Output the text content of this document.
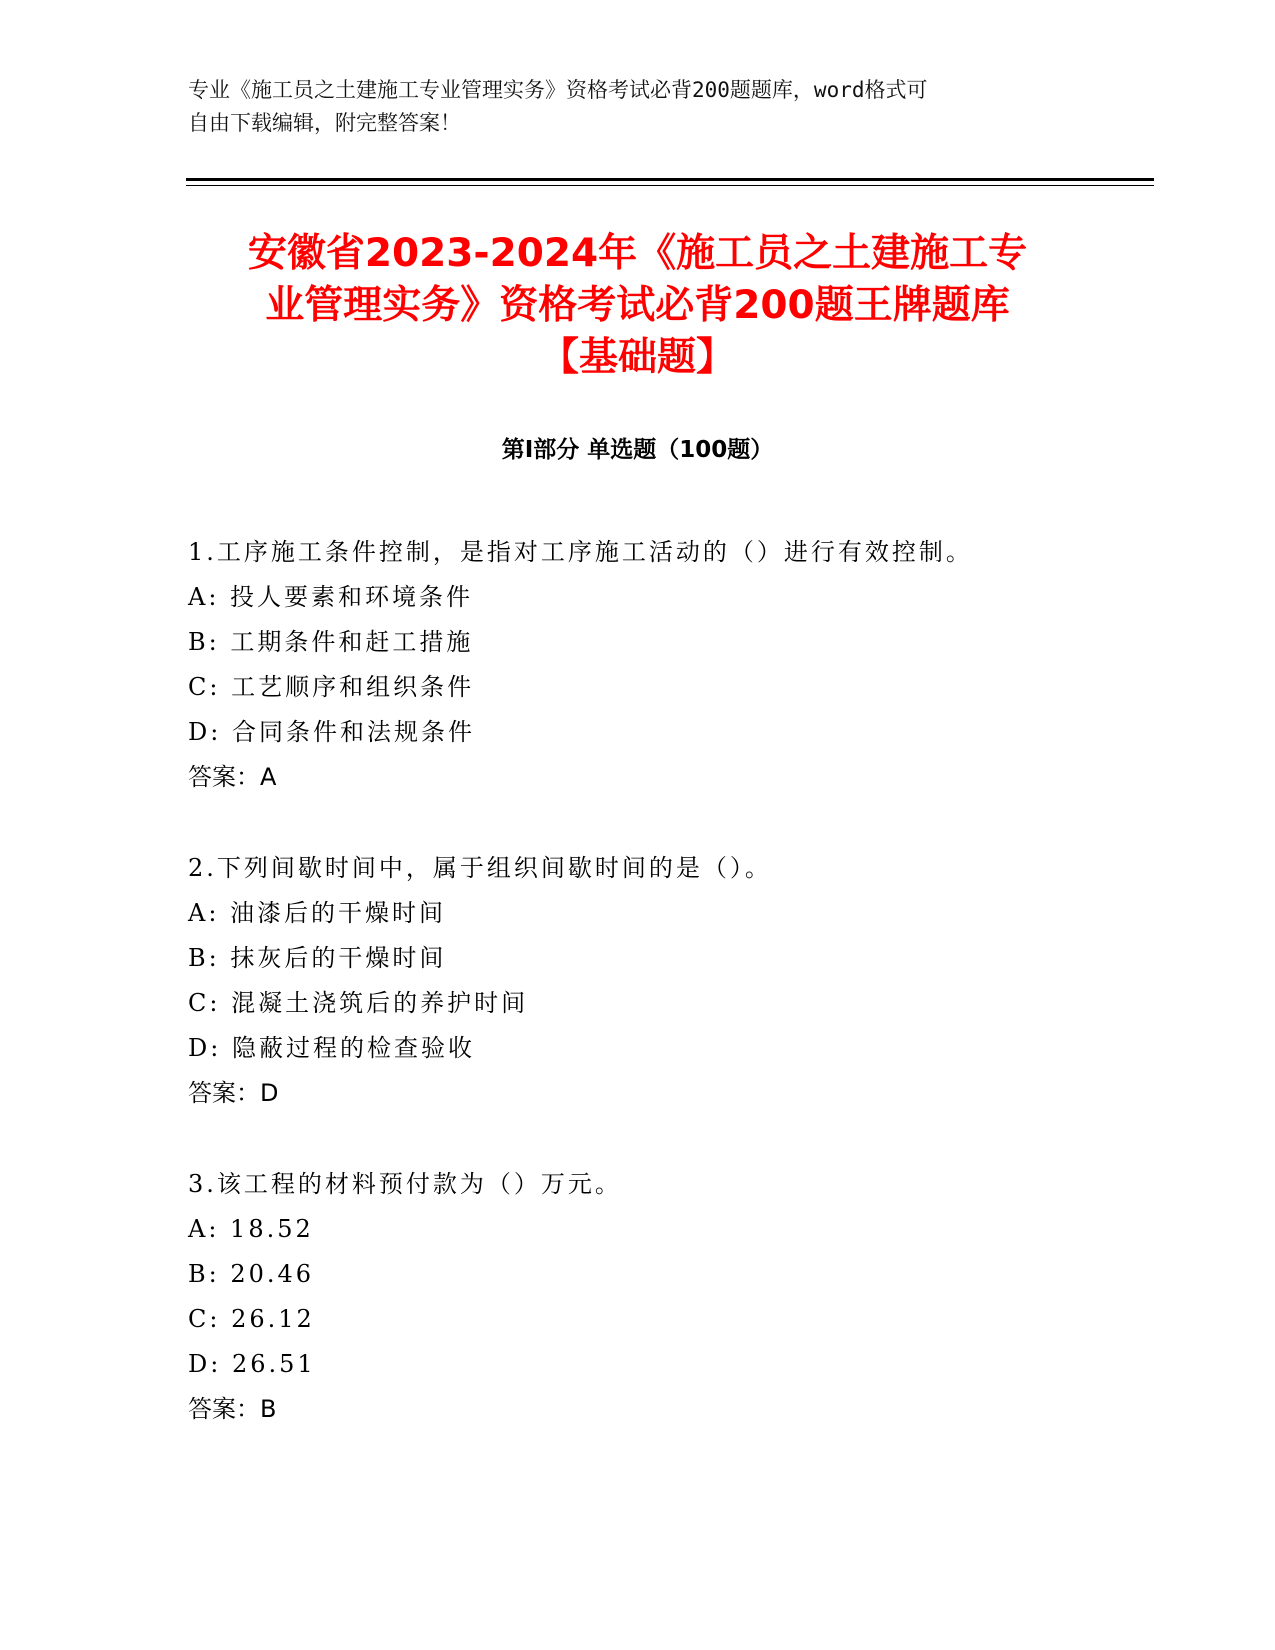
专业《施工员之土建施工专业管理实务》资格考试必背200题题库，word格式可
自由下载编辑，附完整答案！
安徽省2023-2024年《施工员之土建施工专
业管理实务》资格考试必背200题王牌题库
【基础题】
第I部分 单选题（100题）
1.工序施工条件控制，是指对工序施工活动的（）进行有效控制。
A: 投人要素和环境条件
B: 工期条件和赶工措施
C: 工艺顺序和组织条件
D: 合同条件和法规条件
答案：A
2.下列间歇时间中，属于组织间歇时间的是（）。
A: 油漆后的干燥时间
B: 抹灰后的干燥时间
C: 混凝土浇筑后的养护时间
D: 隐蔽过程的检查验收
答案：D
3.该工程的材料预付款为（）万元。
A: 18.52
B: 20.46
C: 26.12
D: 26.51
答案：B
